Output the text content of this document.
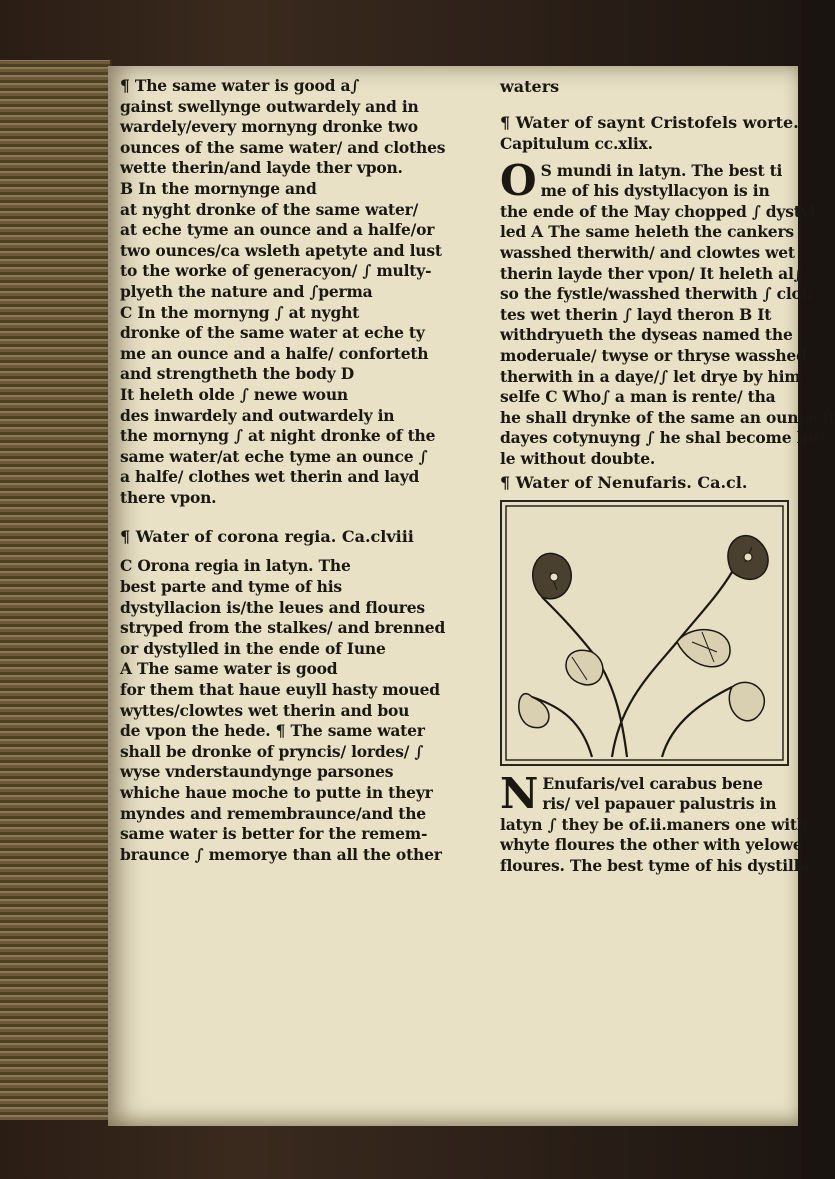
¶ The same water is good a∫
gainst swellynge outwardely and in
wardely/every mornyng dronke two
ounces of the same water/ and clothes
wette therin/and layde ther vpon.
B In the mornynge and
at nyght dronke of the same water/
at eche tyme an ounce and a halfe/or
two ounces/ca wsleth apetyte and lust
to the worke of generacyon/ ∫ multy-
plyeth the nature and ∫perma
C In the mornyng ∫ at nyght
dronke of the same water at eche ty
me an ounce and a halfe/ conforteth
and strengtheth the body D
It heleth olde ∫ newe woun
des inwardely and outwardely in
the mornyng ∫ at night dronke of the
same water/at eche tyme an ounce ∫
a halfe/ clothes wet therin and layd
there vpon.
¶ Water of corona regia. Ca.clviii
C Orona regia in latyn. The
best parte and tyme of his
dystyllacion is/the leues and floures
stryped from the stalkes/ and brenned
or dystylled in the ende of Iune
A The same water is good
for them that haue euyll hasty moued
wyttes/clowtes wet therin and bou
de vpon the hede. ¶ The same water
shall be dronke of pryncis/ lordes/ ∫
wyse vnderstaundynge parsones
whiche haue moche to putte in theyr
myndes and remembraunce/and the
same water is better for the remem-
braunce ∫ memorye than all the other
waters
¶ Water of saynt Cristofels worte.
Capitulum cc.xlix.
O S mundi in latyn. The best ti
me of his dystyllacyon is in
the ende of the May chopped ∫ dystyl
led A The same heleth the cankers
wasshed therwith/ and clowtes wet
therin layde ther vpon/ It heleth al∫
so the fystle/wasshed therwith ∫ clou
tes wet therin ∫ layd theron B It
withdryueth the dyseas named the
moderuale/ twyse or thryse wasshed
therwith in a daye/∫ let drye by him
selfe C Who∫ a man is rente/ tha
he shall drynke of the same an ounce.it
dayes cotynuyng ∫ he shal become ho
le without doubte.
¶ Water of Nenufaris. Ca.cl.
N Enufaris/vel carabus bene
ris/ vel papauer palustris in
latyn ∫ they be of.ii.maners one with
whyte floures the other with yelowe
floures. The best tyme of his dystilla
